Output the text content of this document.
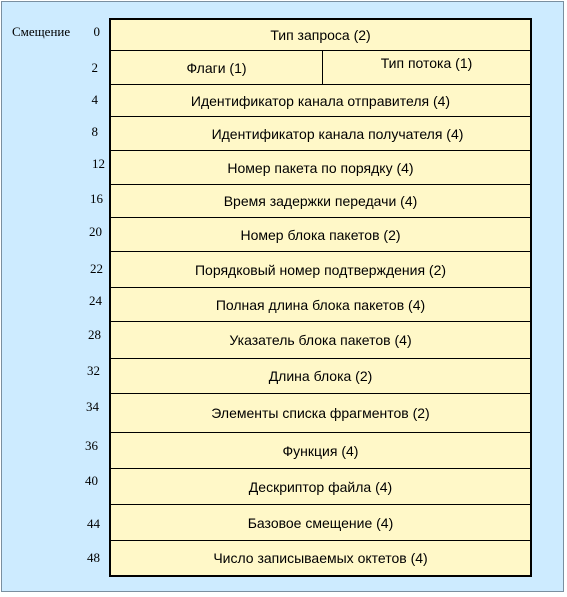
Смещение	0
2
4
8
12
16
20
22
24
28
32
34
36
40
44
48
Тип запроса (2)
Флаги (1)	Тип потока (1)
Идентификатор канала отправителя (4)
Идентификатор канала получателя (4)
Номер пакета по порядку (4)
Время задержки передачи (4)
Номер блока пакетов (2)
Порядковый номер подтверждения (2)
Полная длина блока пакетов (4)
Указатель блока пакетов (4)
Длина блока (2)
Элементы списка фрагментов (2)
Функция (4)
Дескриптор файла (4)
Базовое смещение (4)
Число записываемых октетов (4)
